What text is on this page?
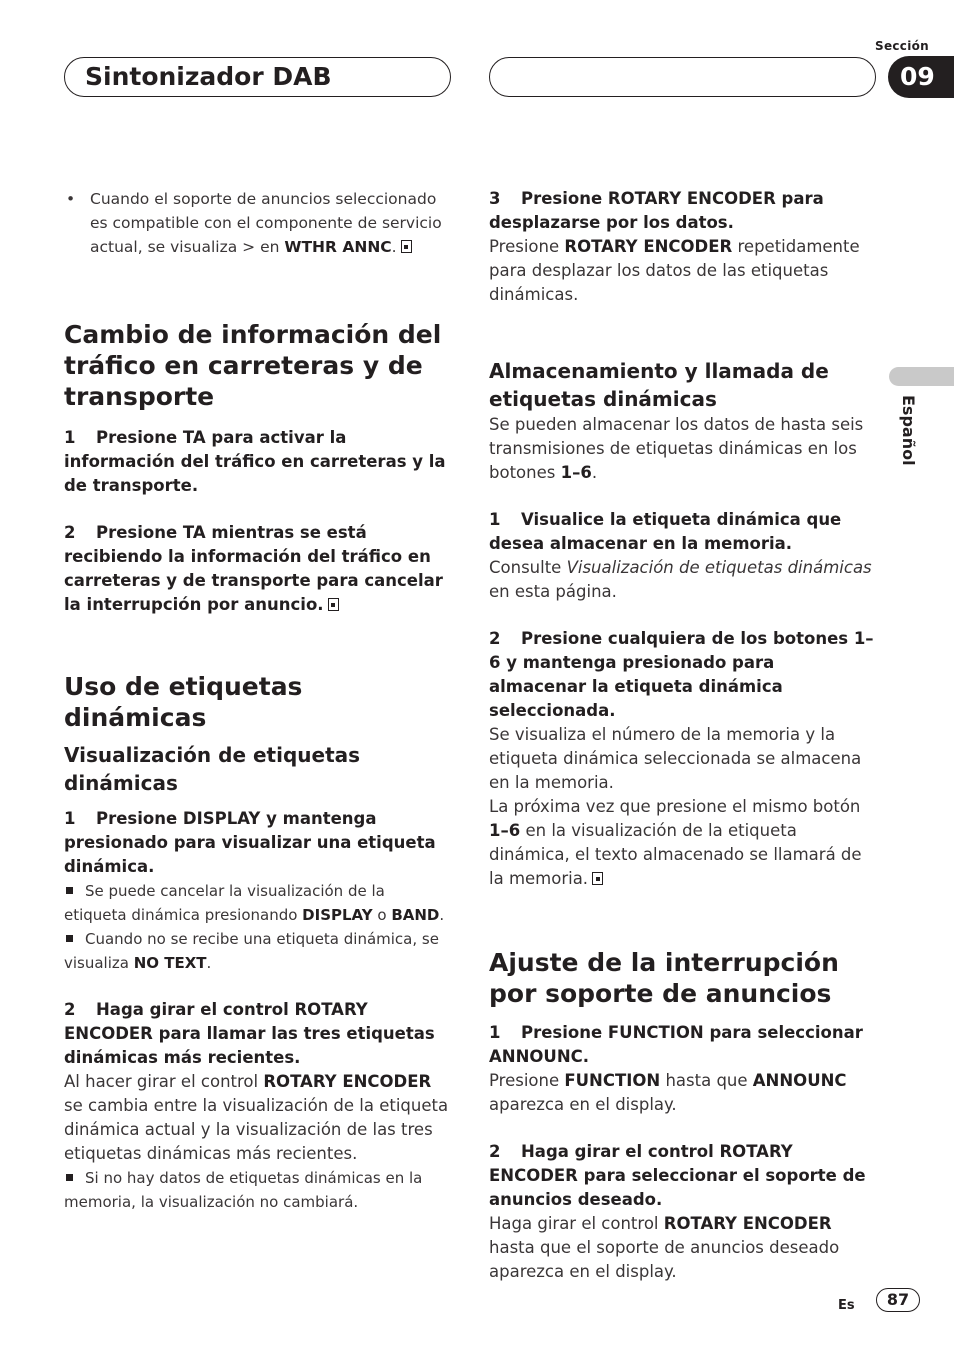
Sintonizador DAB
Sección
09
Español

• Cuando el soporte de anuncios seleccionado es compatible con el componente de servicio actual, se visualiza > en WTHR ANNC.

Cambio de información del tráfico en carreteras y de transporte

1 Presione TA para activar la información del tráfico en carreteras y la de transporte.

2 Presione TA mientras se está recibiendo la información del tráfico en carreteras y de transporte para cancelar la interrupción por anuncio.

Uso de etiquetas dinámicas
Visualización de etiquetas dinámicas

1 Presione DISPLAY y mantenga presionado para visualizar una etiqueta dinámica.

Se puede cancelar la visualización de la etiqueta dinámica presionando DISPLAY o BAND.

Cuando no se recibe una etiqueta dinámica, se visualiza NO TEXT.

2 Haga girar el control ROTARY ENCODER para llamar las tres etiquetas dinámicas más recientes.

Al hacer girar el control ROTARY ENCODER se cambia entre la visualización de la etiqueta dinámica actual y la visualización de las tres etiquetas dinámicas más recientes.

Si no hay datos de etiquetas dinámicas en la memoria, la visualización no cambiará.

3 Presione ROTARY ENCODER para desplazarse por los datos.

Presione ROTARY ENCODER repetidamente para desplazar los datos de las etiquetas dinámicas.

Almacenamiento y llamada de etiquetas dinámicas

Se pueden almacenar los datos de hasta seis transmisiones de etiquetas dinámicas en los botones 1–6.

1 Visualice la etiqueta dinámica que desea almacenar en la memoria.

Consulte Visualización de etiquetas dinámicas en esta página.

2 Presione cualquiera de los botones 1–6 y mantenga presionado para almacenar la etiqueta dinámica seleccionada.

Se visualiza el número de la memoria y la etiqueta dinámica seleccionada se almacena en la memoria.

La próxima vez que presione el mismo botón 1–6 en la visualización de la etiqueta dinámica, el texto almacenado se llamará de la memoria.

Ajuste de la interrupción por soporte de anuncios

1 Presione FUNCTION para seleccionar ANNOUNC.

Presione FUNCTION hasta que ANNOUNC aparezca en el display.

2 Haga girar el control ROTARY ENCODER para seleccionar el soporte de anuncios deseado.

Haga girar el control ROTARY ENCODER hasta que el soporte de anuncios deseado aparezca en el display.

Es	87
